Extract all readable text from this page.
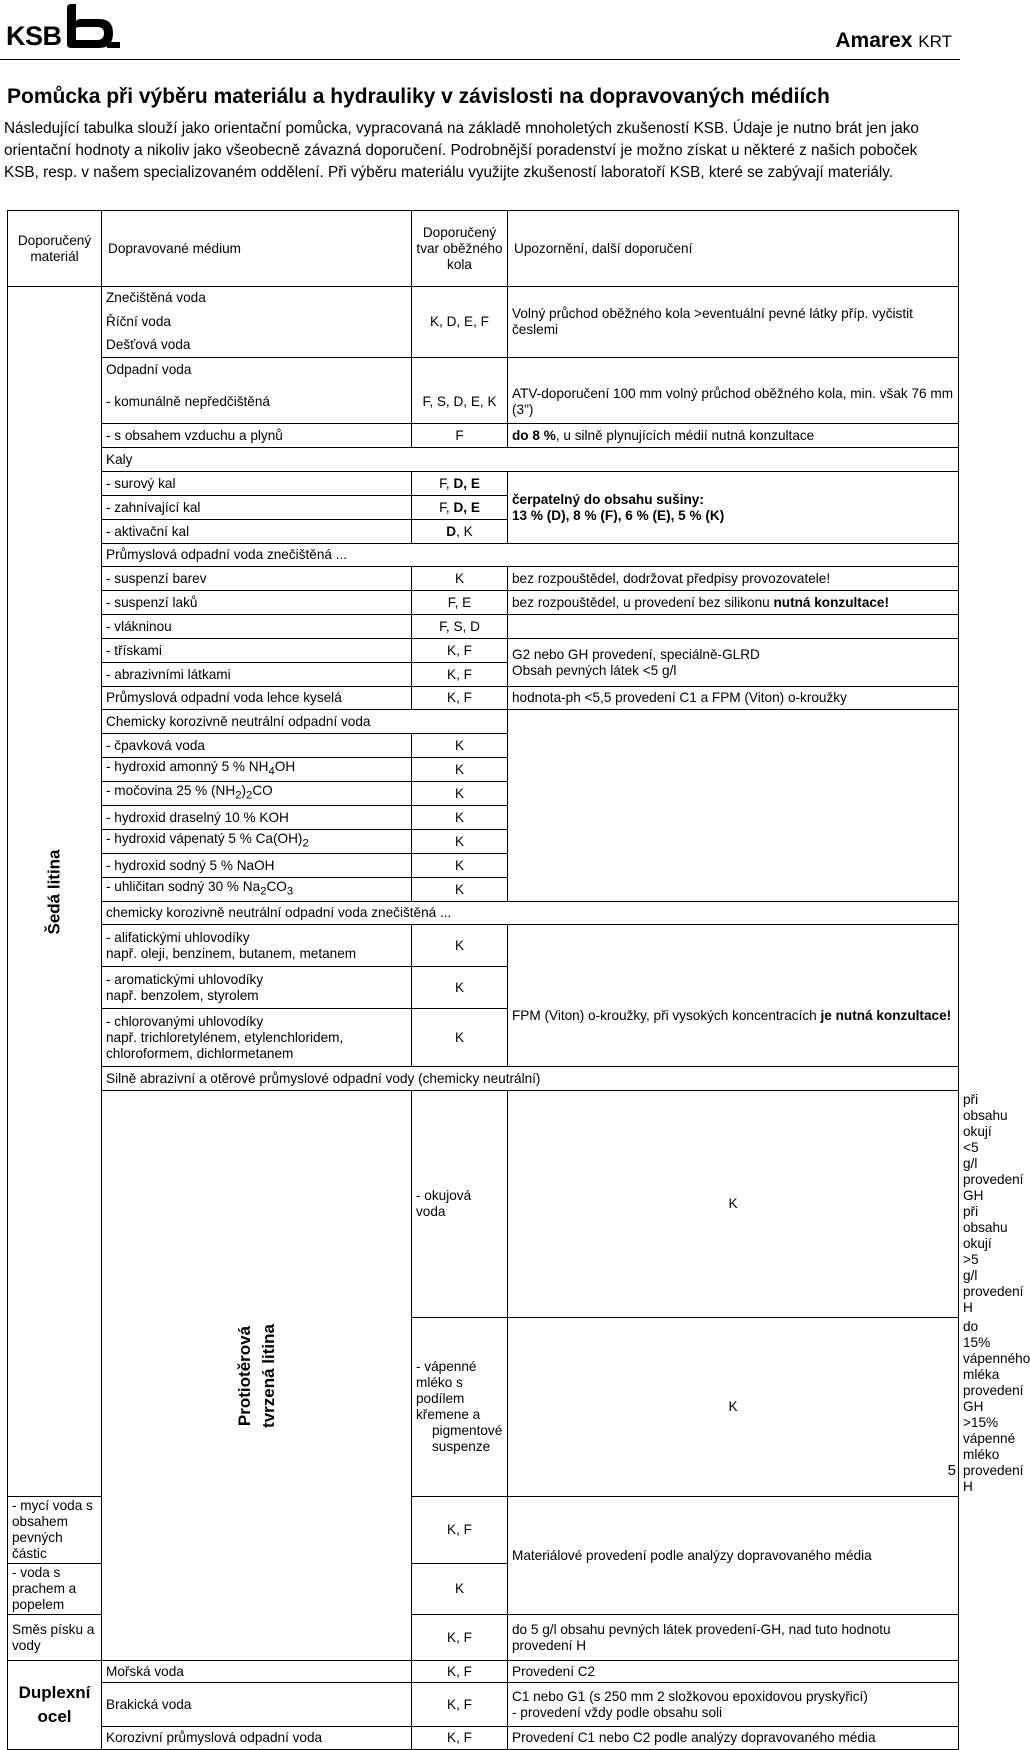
KSB	Amarex KRT
Pomůcka při výběru materiálu a hydrauliky v závislosti na dopravovaných médiích

Následující tabulka slouží jako orientační pomůcka, vypracovaná na základě mnoholetých zkušeností KSB. Údaje je nutno brát jen jako orientační hodnoty a nikoliv jako všeobecně závazná doporučení. Podrobnější poradenství je možno získat u některé z našich poboček KSB, resp. v našem specializovaném oddělení. Při výběru materiálu využijte zkušeností laboratoří KSB, které se zabývají materiály.

Doporučený materiál	Dopravované médium	Doporučený tvar oběžného kola	Upozornění, další doporučení	
Šedá litina	Znečištěná voda	K, D, E, F	Volný průchod oběžného kola >eventuální pevné látky příp. vyčistit česlemi	
	Říční voda			
	Dešťová voda			
	Odpadní voda			
	- komunálně nepředčištěná	F, S, D, E, K	ATV-doporučení 100 mm volný průchod oběžného kola, min. však 76 mm (3")	
	- s obsahem vzduchu a plynů	F	do 8 %, u silně plynujících médií nutná konzultace	
	Kaly			
	- surový kal	F, D, E	čerpatelný do obsahu sušiny:
13 % (D), 8 % (F), 6 % (E), 5 % (K)	
	- zahnívající kal	F, D, E		
	- aktivační kal	D, K		
	Průmyslová odpadní voda znečištěná ...			
	- suspenzí barev	K	bez rozpouštědel, dodržovat předpisy provozovatele!	
	- suspenzí laků	F, E	bez rozpouštědel, u provedení bez silikonu nutná konzultace!	
	- vlákninou	F, S, D		
	- třískami	K, F	G2 nebo GH provedení, speciálně-GLRD
Obsah pevných látek <5 g/l	
	- abrazivními látkami	K, F		
	Průmyslová odpadní voda lehce kyselá	K, F	hodnota-ph <5,5 provedení C1 a FPM (Viton) o-kroužky	
	Chemicky korozivně neutrální odpadní voda			
	- čpavková voda	K		
	- hydroxid amonný 5 % $NH_4OH$	K		
	- močovina 25 % $(NH_2)_2CO$	K		
	- hydroxid draselný 10 % KOH	K		
	- hydroxid vápenatý 5 % $Ca(OH)_2$	K		
	- hydroxid sodný 5 % NaOH	K		
	- uhličitan sodný 30 % $Na_2CO_3$	K		
	chemicky korozivně neutrální odpadní voda znečištěná ...			
	- alifatickými uhlovodíky
např. oleji, benzinem, butanem, metanem	K		
	- aromatickými uhlovodíky
např. benzolem, styrolem	K	FPM (Viton) o-kroužky, při vysokých koncentracích je nutná konzultace!	
	- chlorovanými uhlovodíky
např. trichloretylénem, etylenchloridem, chloroformem, dichlormetanem	K		
	Silně abrazivní a otěrové průmyslové odpadní vody (chemicky neutrální)			
	Protiotěrová tvrzená litina	- okujová voda	K	při obsahu okují <5 g/l provedení GH
při obsahu okují >5 g/l provedení H
		- vápenné mléko s podílem křemene a
pigmentové suspenze	K	do 15% vápenného mléka provedení GH
>15% vápenné mléko provedení H
- mycí voda s obsahem pevných částic		K, F	Materiálové provedení podle analýzy dopravovaného média	
- voda s prachem a popelem		K		
Směs písku a vody		K, F	do 5 g/l obsahu pevných látek provedení-GH, nad tuto hodnotu provedení H	
Duplexní
ocel	Mořská voda	K, F	Provedení C2	
	Brakická voda	K, F	C1 nebo G1 (s 250 mm 2 složkovou epoxidovou pryskyřicí)
- provedení vždy podle obsahu soli	
	Korozivní průmyslová odpadní voda	K, F	Provedení C1 nebo C2 podle analýzy dopravovaného média	
5
